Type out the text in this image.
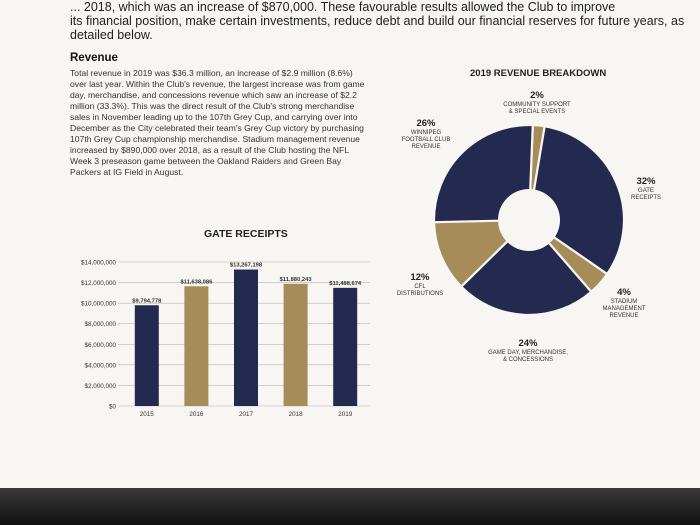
... 2018, which was an increase of $870,000. These favourable results allowed the Club to improve

its financial position, make certain investments, reduce debt and build our financial reserves for future years, as

detailed below.

Revenue

Total revenue in 2019 was $36.3 million, an increase of $2.9 million (8.6%) over last year. Within the Club's revenue, the largest increase was from game day, merchandise, and concessions revenue which saw an increase of $2.2 million (33.3%). This was the direct result of the Club's strong merchandise sales in November leading up to the 107th Grey Cup, and carrying over into December as the City celebrated their team's Grey Cup victory by purchasing 107th Grey Cup championship merchandise. Stadium management revenue increased by $890,000 over 2018, as a result of the Club hosting the NFL Week 3 preseason game between the Oakland Raiders and Green Bay Packers at IG Field in August.

GATE RECEIPTS
$0
$2,000,000
$4,000,000
$6,000,000
$8,000,000
$10,000,000
$12,000,000
$14,000,000
$9,794,778
2015
$11,638,086
2016
$13,267,198
2017
$11,880,243
2018
$11,488,674
2019
2019 REVENUE BREAKDOWN
2%
COMMUNITY SUPPORT
& SPECIAL EVENTS
26%
WINNIPEG
FOOTBALL CLUB
REVENUE
32%
GATE
RECEIPTS
12%
CFL
DISTRIBUTIONS	4%
STADIUM
MANAGEMENT
REVENUE
24%
GAME DAY, MERCHANDISE,
& CONCESSIONS
